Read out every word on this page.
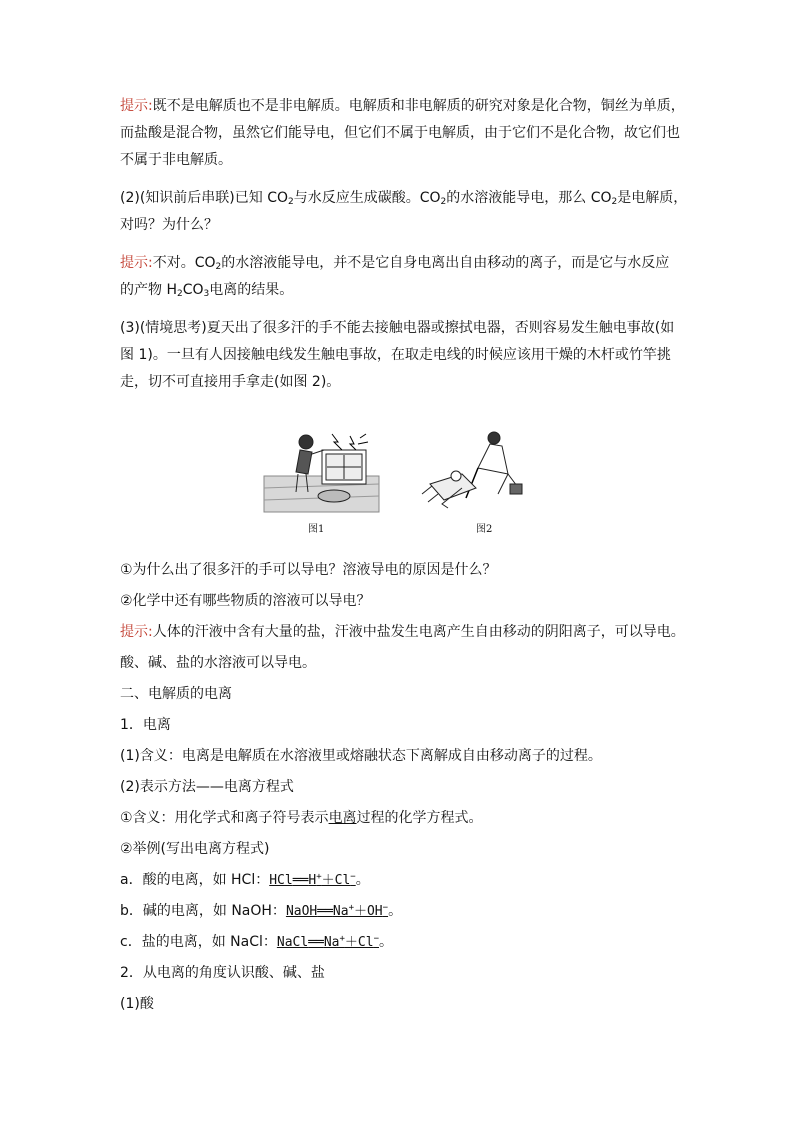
提示:既不是电解质也不是非电解质。电解质和非电解质的研究对象是化合物，铜丝为单质，
而盐酸是混合物，虽然它们能导电，但它们不属于电解质，由于它们不是化合物，故它们也
不属于非电解质。
(2)(知识前后串联)已知 $CO_2$与水反应生成碳酸。$CO_2$的水溶液能导电，那么 $CO_2$是电解质，
对吗？为什么？
提示:不对。$CO_2$的水溶液能导电，并不是它自身电离出自由移动的离子，而是它与水反应
的产物 $H_2CO_3$电离的结果。
(3)(情境思考)夏天出了很多汗的手不能去接触电器或擦拭电器，否则容易发生触电事故(如
图 1)。一旦有人因接触电线发生触电事故，在取走电线的时候应该用干燥的木杆或竹竿挑
走，切不可直接用手拿走(如图 2)。
图1	图2
①为什么出了很多汗的手可以导电？溶液导电的原因是什么？
②化学中还有哪些物质的溶液可以导电？
提示:人体的汗液中含有大量的盐，汗液中盐发生电离产生自由移动的阴阳离子，可以导电。
酸、碱、盐的水溶液可以导电。
二、电解质的电离
1．电离
(1)含义：电离是电解质在水溶液里或熔融状态下离解成自由移动离子的过程。
(2)表示方法——电离方程式
①含义：用化学式和离子符号表示电离过程的化学方程式。
②举例(写出电离方程式)
a．酸的电离，如 HCl：HCl══H+＋Cl−。
b．碱的电离，如 NaOH：NaOH══Na+＋OH−。
c．盐的电离，如 NaCl：NaCl══Na+＋Cl−。
2．从电离的角度认识酸、碱、盐
(1)酸
